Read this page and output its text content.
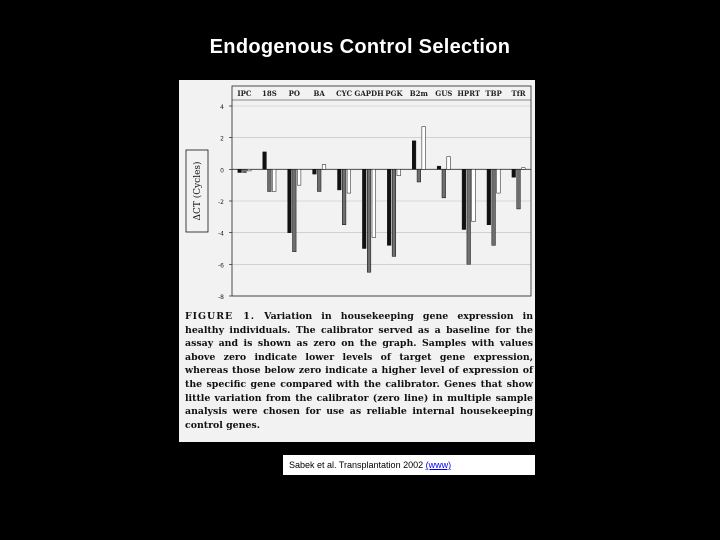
Endogenous Control Selection
4
2
0
-2
-4
-6
-8
IPC 18S PO BA CYC GAPDH PGK B2m GUS HPRT TBP TfR
ΔCT (Cycles)
FIGURE 1. Variation in housekeeping gene expression in healthy individuals. The calibrator served as a baseline for the assay and is shown as zero on the graph. Samples with values above zero indicate lower levels of target gene expression, whereas those below zero indicate a higher level of expression of the specific gene compared with the calibrator. Genes that show little variation from the calibrator (zero line) in multiple sample analysis were chosen for use as reliable internal housekeeping control genes.
Sabek et al. Transplantation 2002 (www)
